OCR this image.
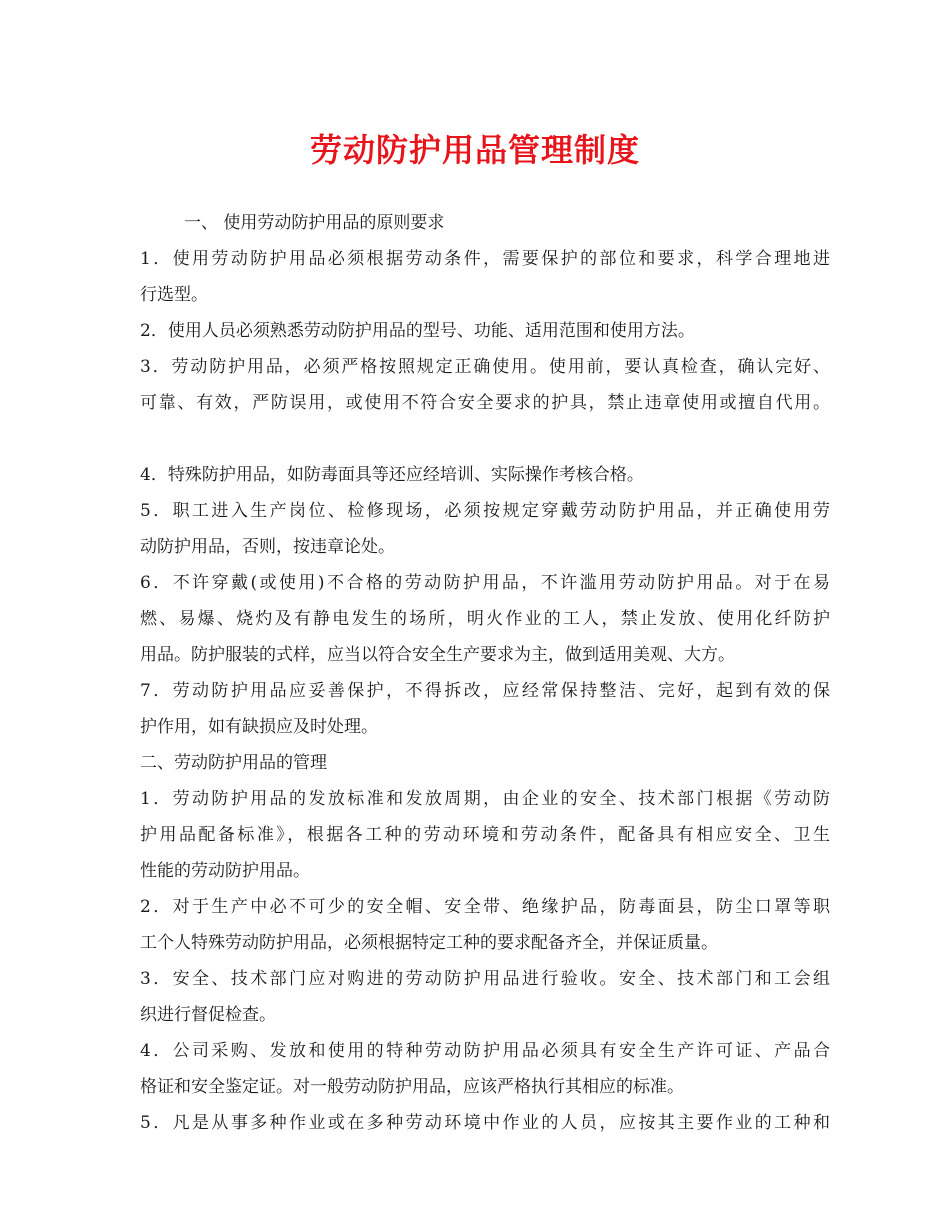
劳动防护用品管理制度
一、 使用劳动防护用品的原则要求
1．使用劳动防护用品必须根据劳动条件，需要保护的部位和要求，科学合理地进
行选型。
2．使用人员必须熟悉劳动防护用品的型号、功能、适用范围和使用方法。
3．劳动防护用品，必须严格按照规定正确使用。使用前，要认真检查，确认完好、
可靠、有效，严防误用，或使用不符合安全要求的护具，禁止违章使用或擅自代用。
4．特殊防护用品，如防毒面具等还应经培训、实际操作考核合格。
5．职工进入生产岗位、检修现场，必须按规定穿戴劳动防护用品，并正确使用劳
动防护用品，否则，按违章论处。
6．不许穿戴(或使用)不合格的劳动防护用品，不许滥用劳动防护用品。对于在易
燃、易爆、烧灼及有静电发生的场所，明火作业的工人，禁止发放、使用化纤防护
用品。防护服装的式样，应当以符合安全生产要求为主，做到适用美观、大方。
7．劳动防护用品应妥善保护，不得拆改，应经常保持整洁、完好，起到有效的保
护作用，如有缺损应及时处理。
二、劳动防护用品的管理
1．劳动防护用品的发放标准和发放周期，由企业的安全、技术部门根据《劳动防
护用品配备标准》，根据各工种的劳动环境和劳动条件，配备具有相应安全、卫生
性能的劳动防护用品。
2．对于生产中必不可少的安全帽、安全带、绝缘护品，防毒面县，防尘口罩等职
工个人特殊劳动防护用品，必须根据特定工种的要求配备齐全，并保证质量。
3．安全、技术部门应对购进的劳动防护用品进行验收。安全、技术部门和工会组
织进行督促检查。
4．公司采购、发放和使用的特种劳动防护用品必须具有安全生产许可证、产品合
格证和安全鉴定证。对一般劳动防护用品，应该严格执行其相应的标准。
5．凡是从事多种作业或在多种劳动环境中作业的人员，应按其主要作业的工种和
